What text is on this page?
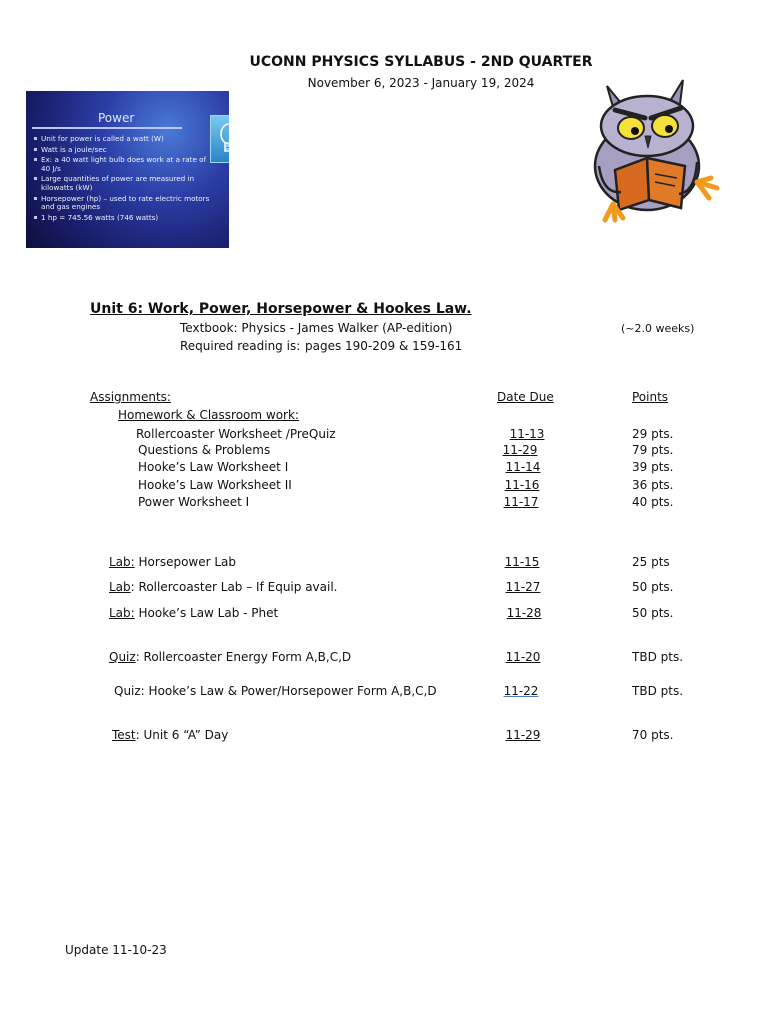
UCONN PHYSICS SYLLABUS - 2ND QUARTER
November 6, 2023 - January 19, 2024
Power
Unit for power is called a watt (W)
Watt is a joule/sec
Ex: a 40 watt light bulb does work at a rate of 40 J/s
Large quantities of power are measured in kilowatts (kW)
Horsepower (hp) – used to rate electric motors and gas engines
1 hp = 745.56 watts (746 watts)
Unit 6: Work, Power, Horsepower & Hookes Law.
Textbook: Physics - James Walker (AP-edition)	(~2.0 weeks)
Required reading is: pages 190-209 & 159-161
Assignments:	Date Due	Points
Homework & Classroom work:
Rollercoaster Worksheet /PreQuiz	11-13	29 pts.
Questions & Problems	11-29	79 pts.
Hooke’s Law Worksheet I	11-14	39 pts.
Hooke’s Law Worksheet II	11-16	36 pts.
Power Worksheet I	11-17	40 pts.
Lab: Horsepower Lab	11-15	25 pts
Lab: Rollercoaster Lab – If Equip avail.	11-27	50 pts.
Lab: Hooke’s Law Lab - Phet	11-28	50 pts.
Quiz: Rollercoaster Energy Form A,B,C,D	11-20	TBD pts.
Quiz: Hooke’s Law & Power/Horsepower Form A,B,C,D	11-22	TBD pts.
Test: Unit 6 “A” Day	11-29	70 pts.
Update 11-10-23
